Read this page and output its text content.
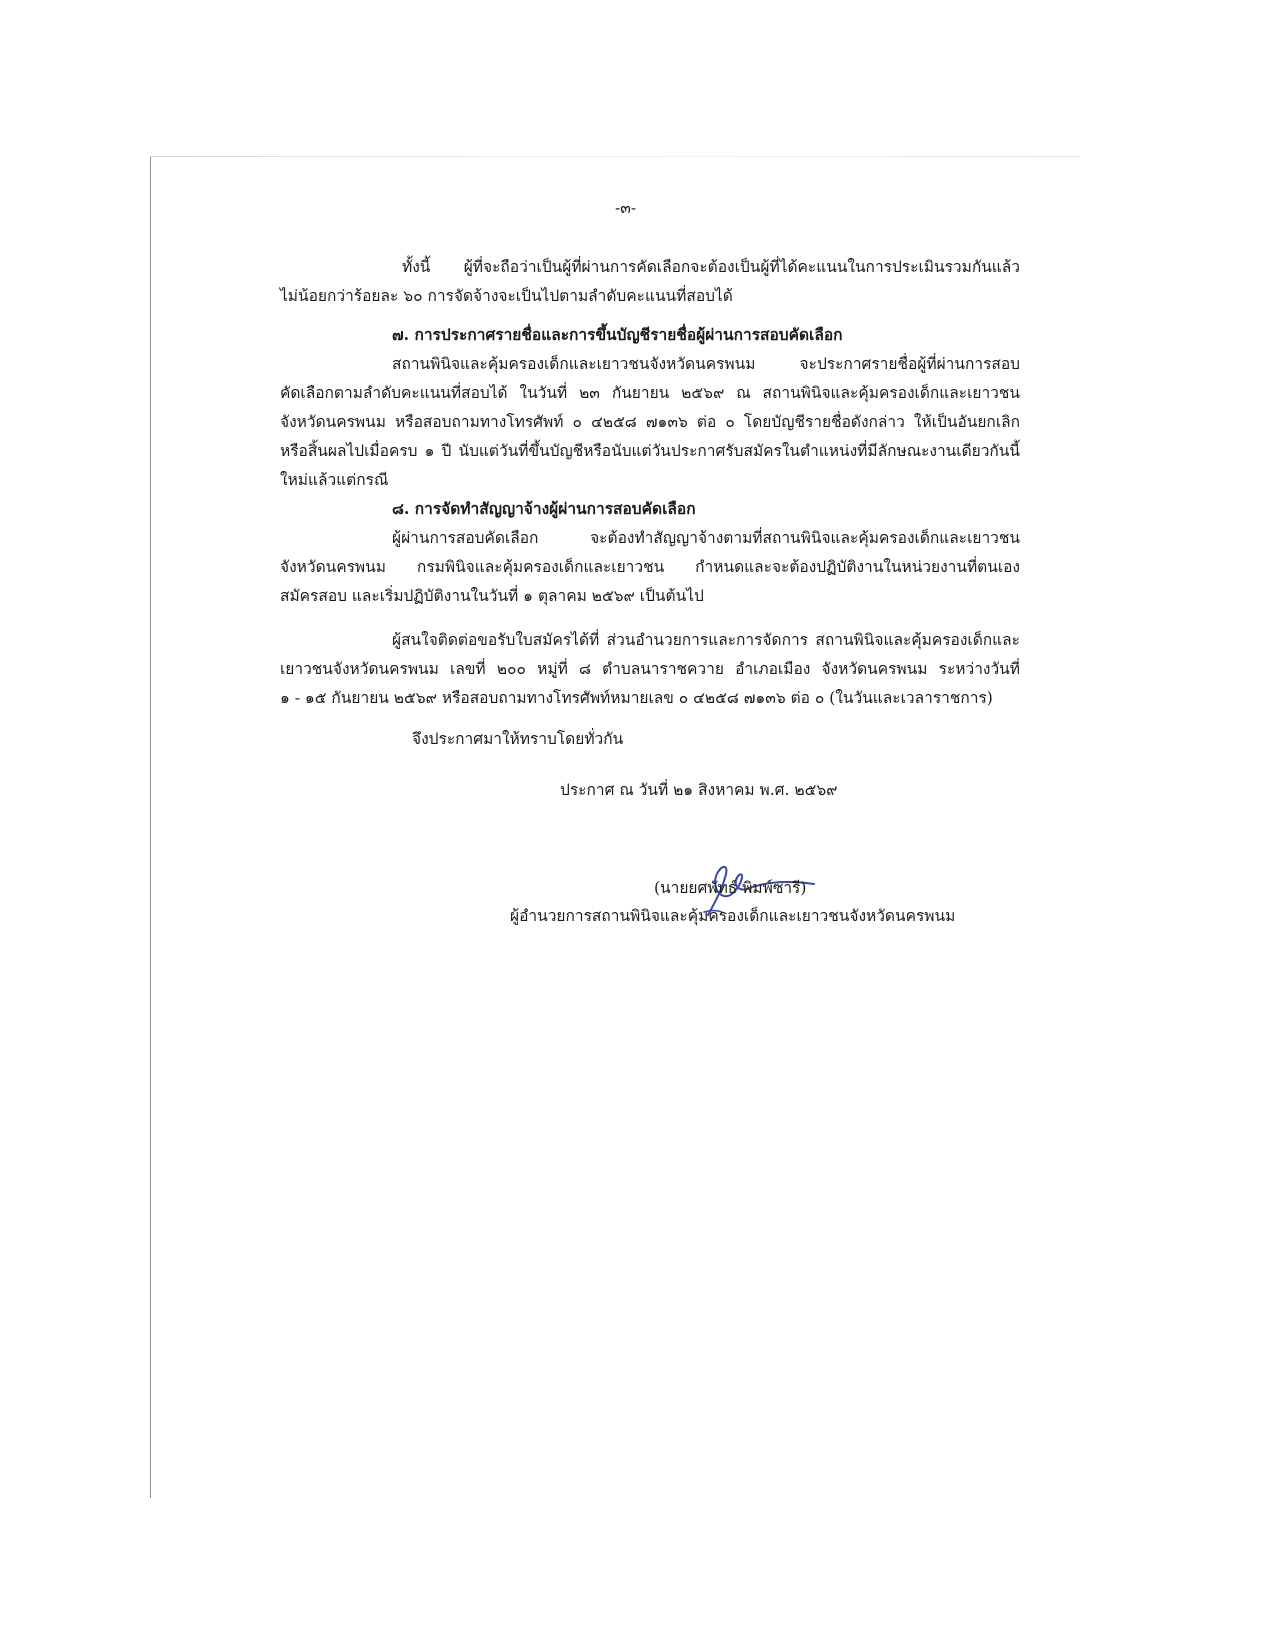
-๓-
ทั้งนี้ ผู้ที่จะถือว่าเป็นผู้ที่ผ่านการคัดเลือกจะต้องเป็นผู้ที่ได้คะแนนในการประเมินรวมกันแล้ว
ไม่น้อยกว่าร้อยละ ๖๐ การจัดจ้างจะเป็นไปตามลำดับคะแนนที่สอบได้
๗. การประกาศรายชื่อและการขึ้นบัญชีรายชื่อผู้ผ่านการสอบคัดเลือก
สถานพินิจและคุ้มครองเด็กและเยาวชนจังหวัดนครพนม จะประกาศรายชื่อผู้ที่ผ่านการสอบ
คัดเลือกตามลำดับคะแนนที่สอบได้ ในวันที่ ๒๓ กันยายน ๒๕๖๙ ณ สถานพินิจและคุ้มครองเด็กและเยาวชน
จังหวัดนครพนม หรือสอบถามทางโทรศัพท์ ๐ ๔๒๕๘ ๗๑๓๖ ต่อ ๐ โดยบัญชีรายชื่อดังกล่าว ให้เป็นอันยกเลิก
หรือสิ้นผลไปเมื่อครบ ๑ ปี นับแต่วันที่ขึ้นบัญชีหรือนับแต่วันประกาศรับสมัครในตำแหน่งที่มีลักษณะงานเดียวกันนี้
ใหม่แล้วแต่กรณี
๘. การจัดทำสัญญาจ้างผู้ผ่านการสอบคัดเลือก
ผู้ผ่านการสอบคัดเลือก จะต้องทำสัญญาจ้างตามที่สถานพินิจและคุ้มครองเด็กและเยาวชน
จังหวัดนครพนม กรมพินิจและคุ้มครองเด็กและเยาวชน กำหนดและจะต้องปฏิบัติงานในหน่วยงานที่ตนเอง
สมัครสอบ และเริ่มปฏิบัติงานในวันที่ ๑ ตุลาคม ๒๕๖๙ เป็นต้นไป
ผู้สนใจติดต่อขอรับใบสมัครได้ที่ ส่วนอำนวยการและการจัดการ สถานพินิจและคุ้มครองเด็กและ
เยาวชนจังหวัดนครพนม เลขที่ ๒๐๐ หมู่ที่ ๘ ตำบลนาราชควาย อำเภอเมือง จังหวัดนครพนม ระหว่างวันที่
๑ - ๑๕ กันยายน ๒๕๖๙ หรือสอบถามทางโทรศัพท์หมายเลข ๐ ๔๒๕๘ ๗๑๓๖ ต่อ ๐ (ในวันและเวลาราชการ)
จึงประกาศมาให้ทราบโดยทั่วกัน
ประกาศ ณ วันที่ ๒๑ สิงหาคม พ.ศ. ๒๕๖๙
(นายยศพัทธ์ พิมพ์ซารี)
ผู้อำนวยการสถานพินิจและคุ้มครองเด็กและเยาวชนจังหวัดนครพนม
